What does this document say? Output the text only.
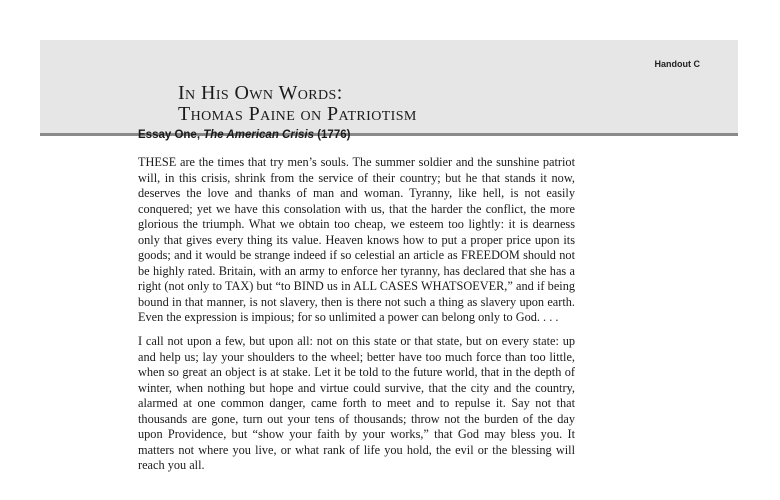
Handout C
In His Own Words:
Thomas Paine on Patriotism
Essay One, The American Crisis (1776)

THESE are the times that try men’s souls. The summer soldier and the sunshine patriot will, in this crisis, shrink from the service of their country; but he that stands it now, deserves the love and thanks of man and woman. Tyranny, like hell, is not easily conquered; yet we have this consolation with us, that the harder the conflict, the more glorious the triumph. What we obtain too cheap, we esteem too lightly: it is dearness only that gives every thing its value. Heaven knows how to put a proper price upon its goods; and it would be strange indeed if so celestial an article as FREEDOM should not be highly rated. Britain, with an army to enforce her tyranny, has declared that she has a right (not only to TAX) but “to BIND us in ALL CASES WHATSOEVER,” and if being bound in that manner, is not slavery, then is there not such a thing as slavery upon earth. Even the expression is impious; for so unlimited a power can belong only to God. . . .

I call not upon a few, but upon all: not on this state or that state, but on every state: up and help us; lay your shoulders to the wheel; better have too much force than too little, when so great an object is at stake. Let it be told to the future world, that in the depth of winter, when nothing but hope and virtue could survive, that the city and the country, alarmed at one common danger, came forth to meet and to repulse it. Say not that thousands are gone, turn out your tens of thousands; throw not the burden of the day upon Providence, but “show your faith by your works,” that God may bless you. It matters not where you live, or what rank of life you hold, the evil or the blessing will reach you all.
